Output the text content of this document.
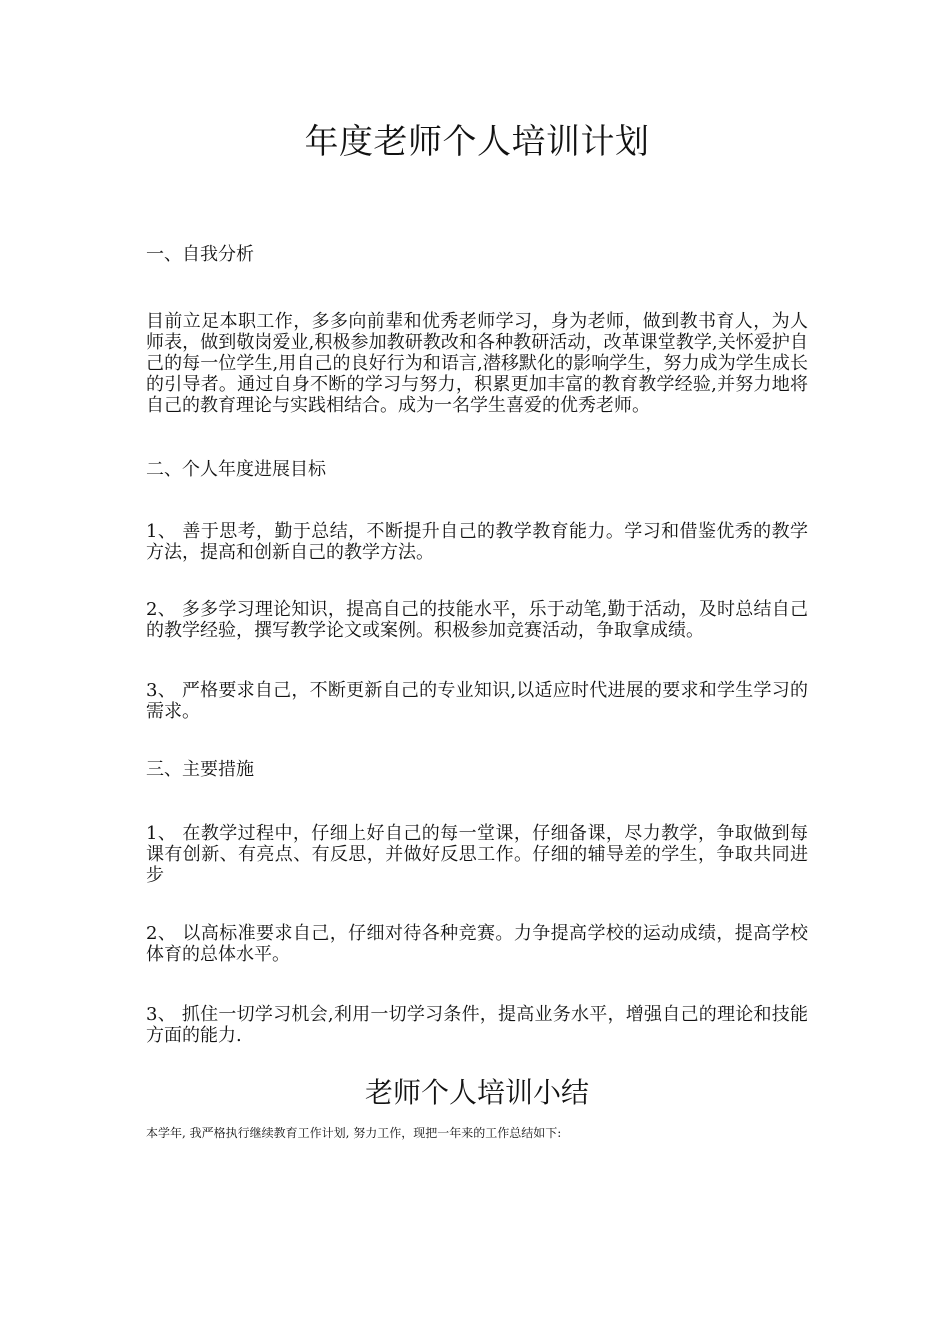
年度老师个人培训计划

一、自我分析

目前立足本职工作，多多向前辈和优秀老师学习，身为老师，做到教书育人，为人师表，做到敬岗爱业,积极参加教研教改和各种教研活动，改革课堂教学,关怀爱护自己的每一位学生,用自己的良好行为和语言,潜移默化的影响学生，努力成为学生成长的引导者。通过自身不断的学习与努力，积累更加丰富的教育教学经验,并努力地将自己的教育理论与实践相结合。成为一名学生喜爱的优秀老师。

二、个人年度进展目标

1、 善于思考，勤于总结，不断提升自己的教学教育能力。学习和借鉴优秀的教学方法，提高和创新自己的教学方法。

2、 多多学习理论知识，提高自己的技能水平，乐于动笔,勤于活动，及时总结自己的教学经验，撰写教学论文或案例。积极参加竞赛活动，争取拿成绩。

3、 严格要求自己，不断更新自己的专业知识,以适应时代进展的要求和学生学习的需求。

三、主要措施

1、 在教学过程中，仔细上好自己的每一堂课，仔细备课，尽力教学，争取做到每课有创新、有亮点、有反思，并做好反思工作。仔细的辅导差的学生，争取共同进步

2、 以高标准要求自己，仔细对待各种竞赛。力争提高学校的运动成绩，提高学校体育的总体水平。

3、 抓住一切学习机会,利用一切学习条件，提高业务水平，增强自己的理论和技能方面的能力.

老师个人培训小结

本学年, 我严格执行继续教育工作计划, 努力工作，现把一年来的工作总结如下:
